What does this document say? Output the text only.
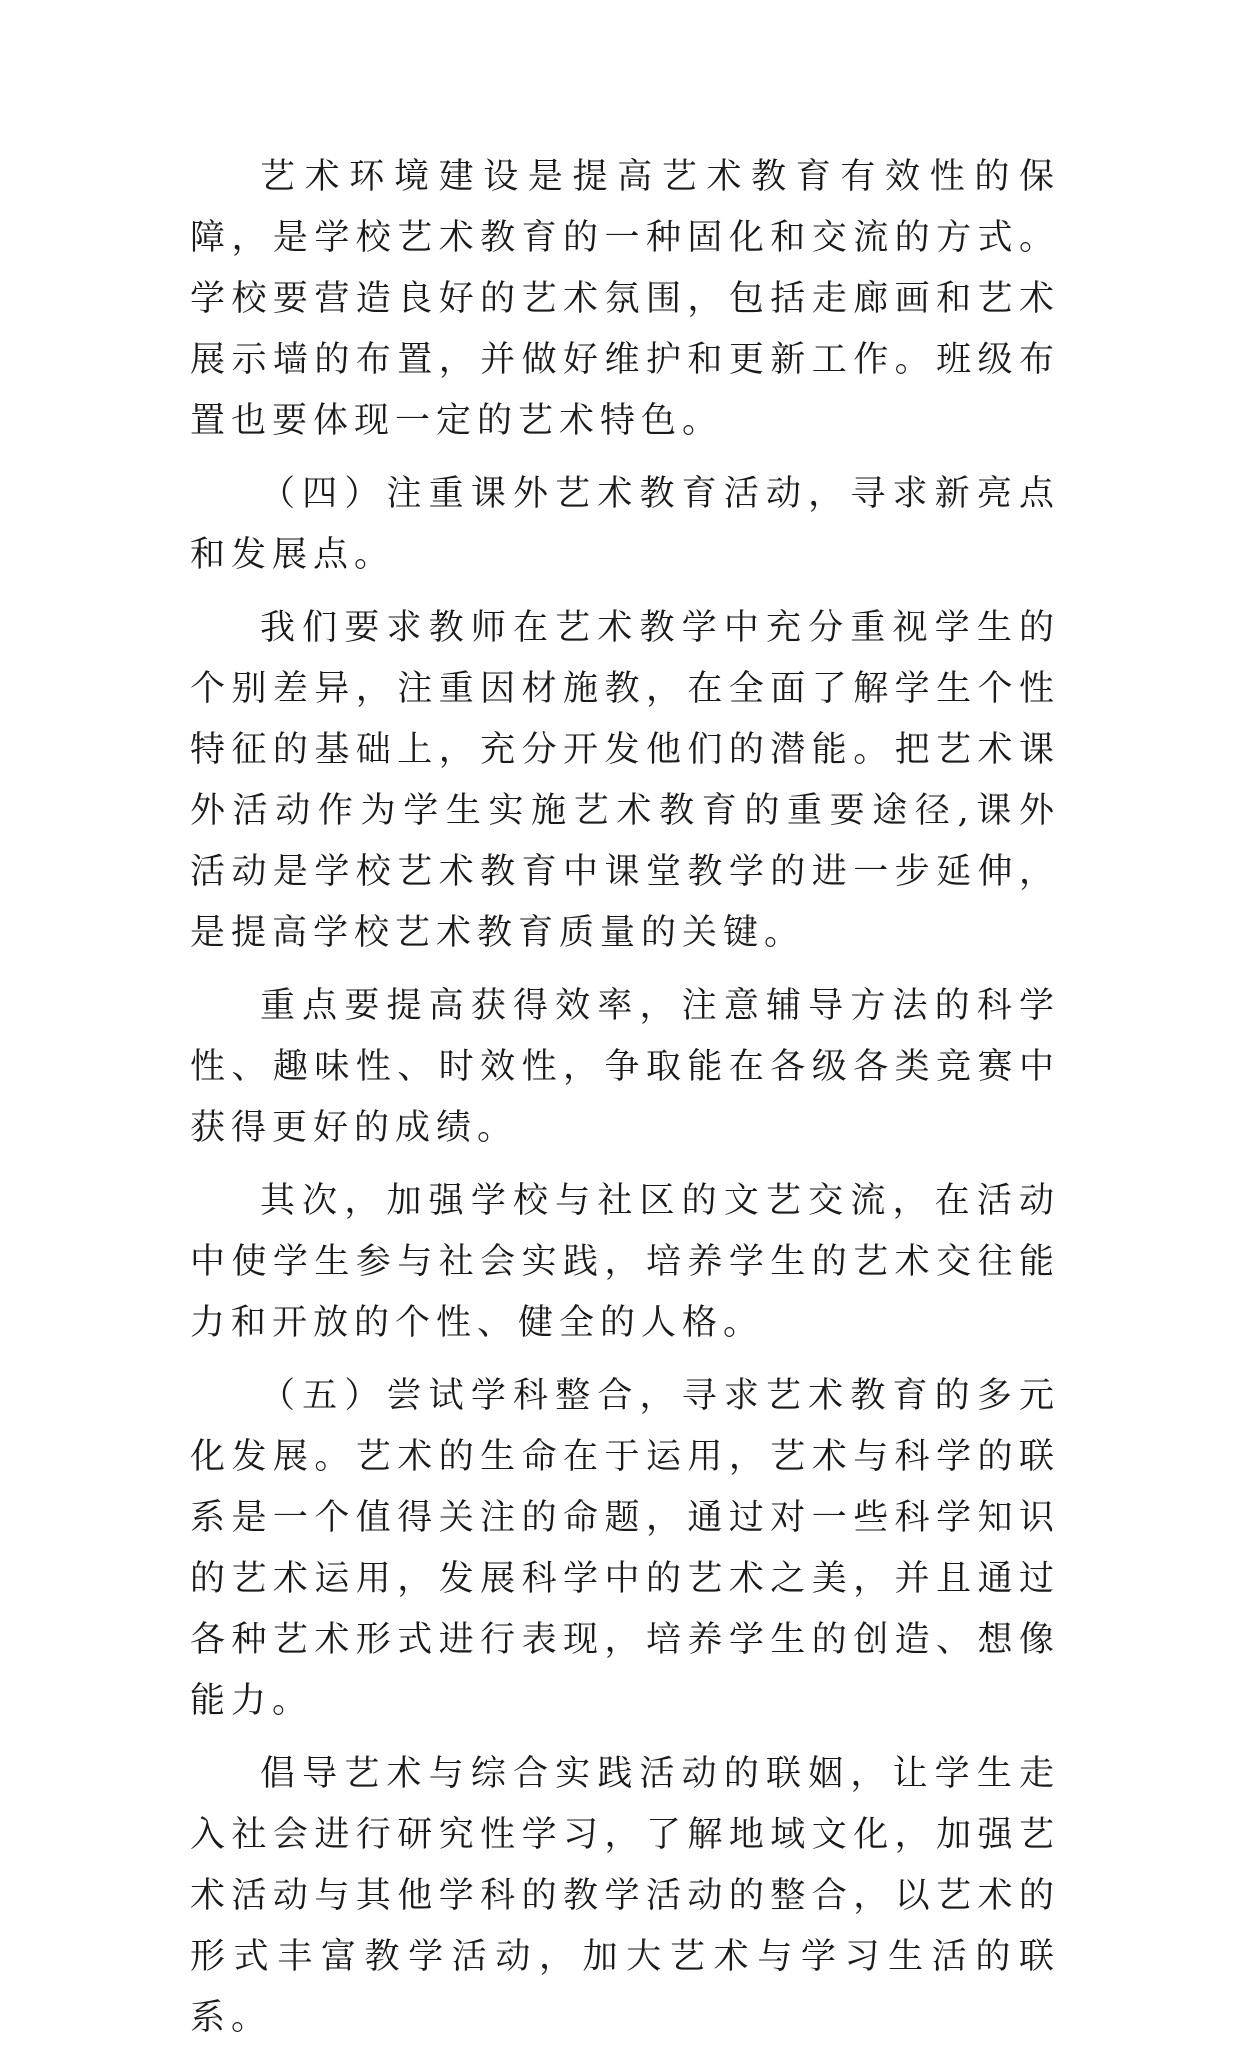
艺术环境建设是提高艺术教育有效性的保障，是学校艺术教育的一种固化和交流的方式。学校要营造良好的艺术氛围，包括走廊画和艺术展示墙的布置，并做好维护和更新工作。班级布置也要体现一定的艺术特色。

（四）注重课外艺术教育活动，寻求新亮点和发展点。

我们要求教师在艺术教学中充分重视学生的个别差异，注重因材施教，在全面了解学生个性特征的基础上，充分开发他们的潜能。把艺术课外活动作为学生实施艺术教育的重要途径,课外活动是学校艺术教育中课堂教学的进一步延伸，是提高学校艺术教育质量的关键。

重点要提高获得效率，注意辅导方法的科学性、趣味性、时效性，争取能在各级各类竞赛中获得更好的成绩。

其次，加强学校与社区的文艺交流，在活动中使学生参与社会实践，培养学生的艺术交往能力和开放的个性、健全的人格。

（五）尝试学科整合，寻求艺术教育的多元化发展。艺术的生命在于运用，艺术与科学的联系是一个值得关注的命题，通过对一些科学知识的艺术运用，发展科学中的艺术之美，并且通过各种艺术形式进行表现，培养学生的创造、想像能力。

倡导艺术与综合实践活动的联姻，让学生走入社会进行研究性学习，了解地域文化，加强艺术活动与其他学科的教学活动的整合，以艺术的形式丰富教学活动，加大艺术与学习生活的联系。
